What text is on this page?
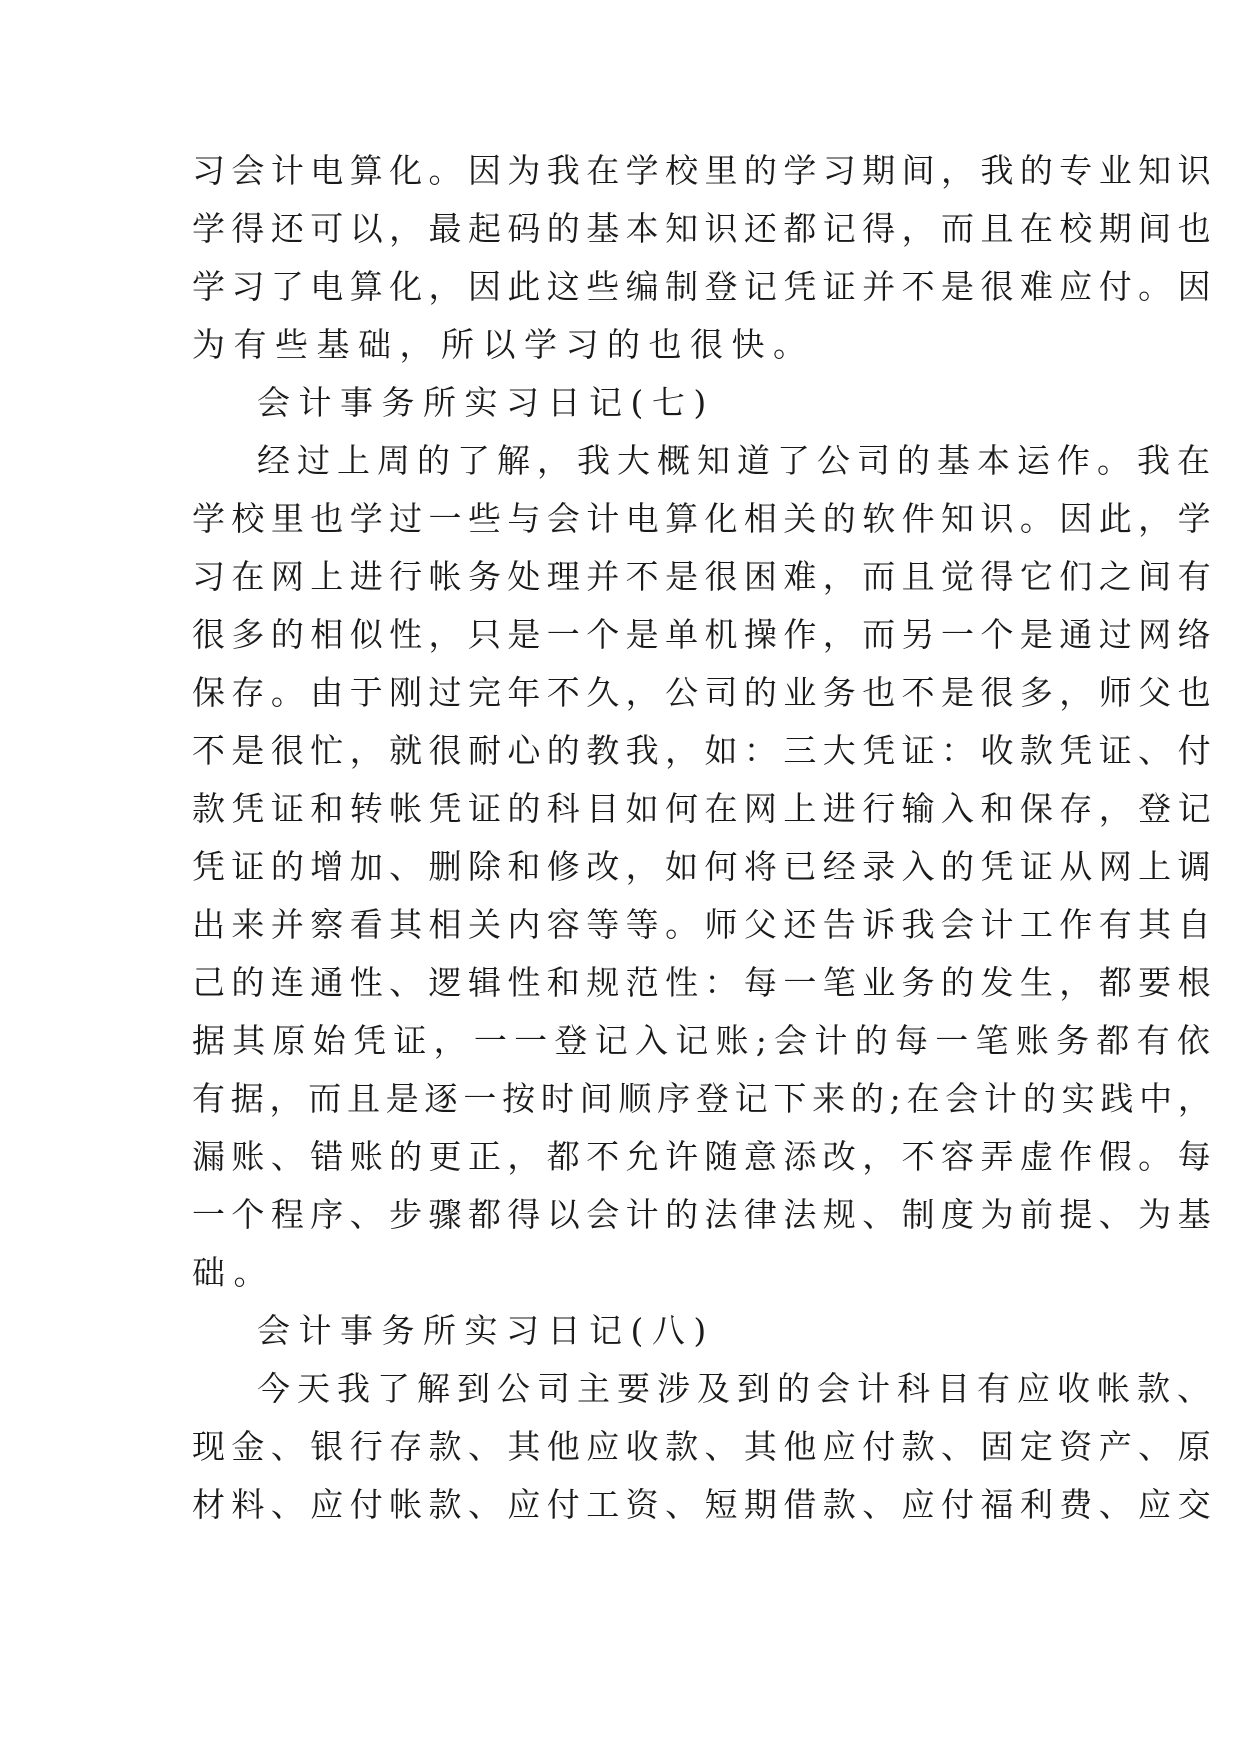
习会计电算化。因为我在学校里的学习期间，我的专业知识
学得还可以，最起码的基本知识还都记得，而且在校期间也
学习了电算化，因此这些编制登记凭证并不是很难应付。因
为有些基础，所以学习的也很快。
会计事务所实习日记(七)
经过上周的了解，我大概知道了公司的基本运作。我在
学校里也学过一些与会计电算化相关的软件知识。因此，学
习在网上进行帐务处理并不是很困难，而且觉得它们之间有
很多的相似性，只是一个是单机操作，而另一个是通过网络
保存。由于刚过完年不久，公司的业务也不是很多，师父也
不是很忙，就很耐心的教我，如：三大凭证：收款凭证、付
款凭证和转帐凭证的科目如何在网上进行输入和保存，登记
凭证的增加、删除和修改，如何将已经录入的凭证从网上调
出来并察看其相关内容等等。师父还告诉我会计工作有其自
己的连通性、逻辑性和规范性：每一笔业务的发生，都要根
据其原始凭证，一一登记入记账;会计的每一笔账务都有依
有据，而且是逐一按时间顺序登记下来的;在会计的实践中，
漏账、错账的更正，都不允许随意添改，不容弄虚作假。每
一个程序、步骤都得以会计的法律法规、制度为前提、为基
础。
会计事务所实习日记(八)
今天我了解到公司主要涉及到的会计科目有应收帐款、
现金、银行存款、其他应收款、其他应付款、固定资产、原
材料、应付帐款、应付工资、短期借款、应付福利费、应交
